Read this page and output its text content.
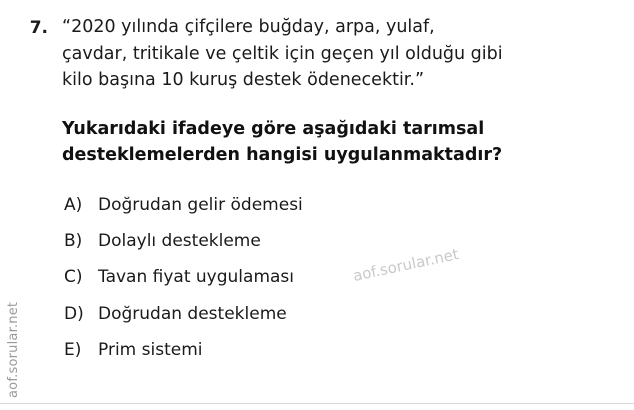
aof.sorular.net
7. “2020 yılında çifçilere buğday, arpa, yulaf,
çavdar, tritikale ve çeltik için geçen yıl olduğu gibi
kilo başına 10 kuruş destek ödenecektir.”
Yukarıdaki ifadeye göre aşağıdaki tarımsal
desteklemelerden hangisi uygulanmaktadır?
A) Doğrudan gelir ödemesi
B) Dolaylı destekleme
C) Tavan fiyat uygulaması
D) Doğrudan destekleme
E) Prim sistemi
aof.sorular.net
